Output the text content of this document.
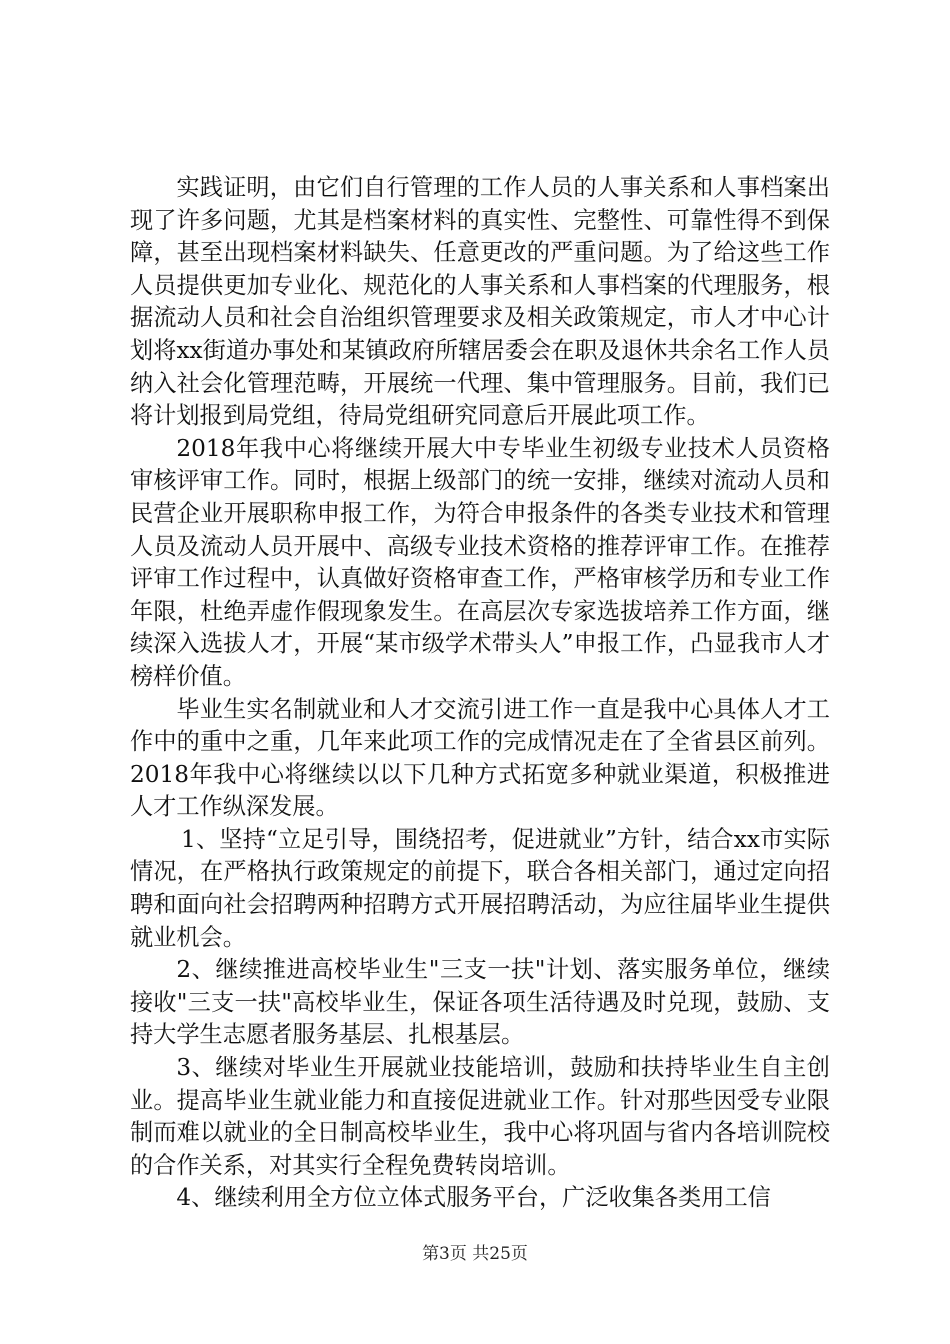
实践证明，由它们自行管理的工作人员的人事关系和人事档案出现了许多问题，尤其是档案材料的真实性、完整性、可靠性得不到保障，甚至出现档案材料缺失、任意更改的严重问题。为了给这些工作人员提供更加专业化、规范化的人事关系和人事档案的代理服务，根据流动人员和社会自治组织管理要求及相关政策规定，市人才中心计划将xx街道办事处和某镇政府所辖居委会在职及退休共余名工作人员纳入社会化管理范畴，开展统一代理、集中管理服务。目前，我们已将计划报到局党组，待局党组研究同意后开展此项工作。

2018年我中心将继续开展大中专毕业生初级专业技术人员资格审核评审工作。同时，根据上级部门的统一安排，继续对流动人员和民营企业开展职称申报工作，为符合申报条件的各类专业技术和管理人员及流动人员开展中、高级专业技术资格的推荐评审工作。在推荐评审工作过程中，认真做好资格审查工作，严格审核学历和专业工作年限，杜绝弄虚作假现象发生。在高层次专家选拔培养工作方面，继续深入选拔人才，开展“某市级学术带头人”申报工作，凸显我市人才榜样价值。

毕业生实名制就业和人才交流引进工作一直是我中心具体人才工作中的重中之重，几年来此项工作的完成情况走在了全省县区前列。2018年我中心将继续以以下几种方式拓宽多种就业渠道，积极推进人才工作纵深发展。

1、坚持“立足引导，围绕招考，促进就业”方针，结合xx市实际情况，在严格执行政策规定的前提下，联合各相关部门，通过定向招聘和面向社会招聘两种招聘方式开展招聘活动，为应往届毕业生提供就业机会。

2、继续推进高校毕业生"三支一扶"计划、落实服务单位，继续接收"三支一扶"高校毕业生，保证各项生活待遇及时兑现，鼓励、支持大学生志愿者服务基层、扎根基层。

3、继续对毕业生开展就业技能培训，鼓励和扶持毕业生自主创业。提高毕业生就业能力和直接促进就业工作。针对那些因受专业限制而难以就业的全日制高校毕业生，我中心将巩固与省内各培训院校的合作关系，对其实行全程免费转岗培训。

4、继续利用全方位立体式服务平台，广泛收集各类用工信

第3页 共25页
